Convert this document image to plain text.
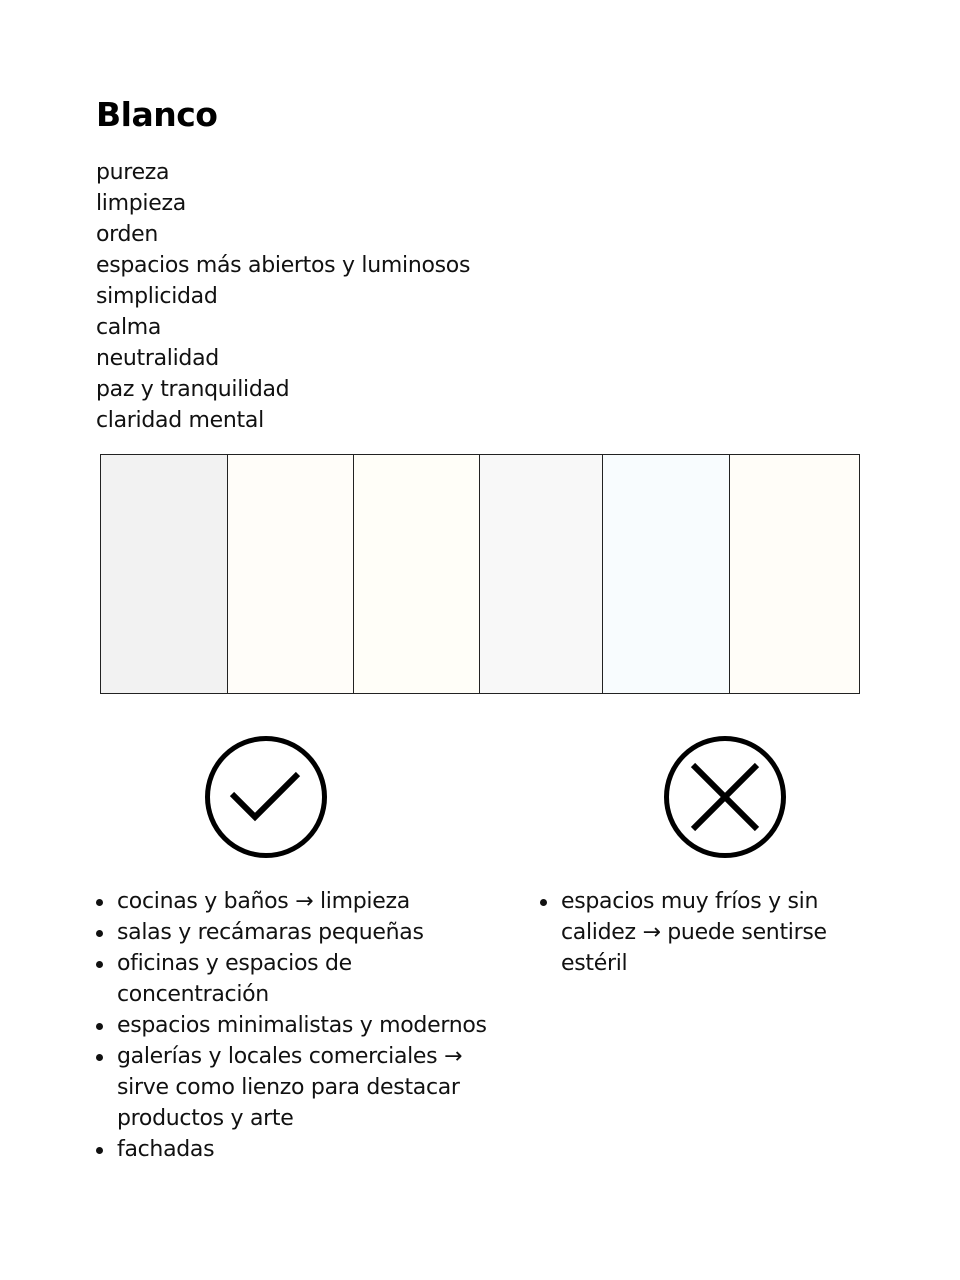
Blanco
pureza
limpieza
orden
espacios más abiertos y luminosos
simplicidad
calma
neutralidad
paz y tranquilidad
claridad mental
cocinas y baños → limpieza
salas y recámaras pequeñas
oficinas y espacios de concentración
espacios minimalistas y modernos
galerías y locales comerciales → sirve como lienzo para destacar productos y arte
fachadas
espacios muy fríos y sin calidez → puede sentirse estéril
